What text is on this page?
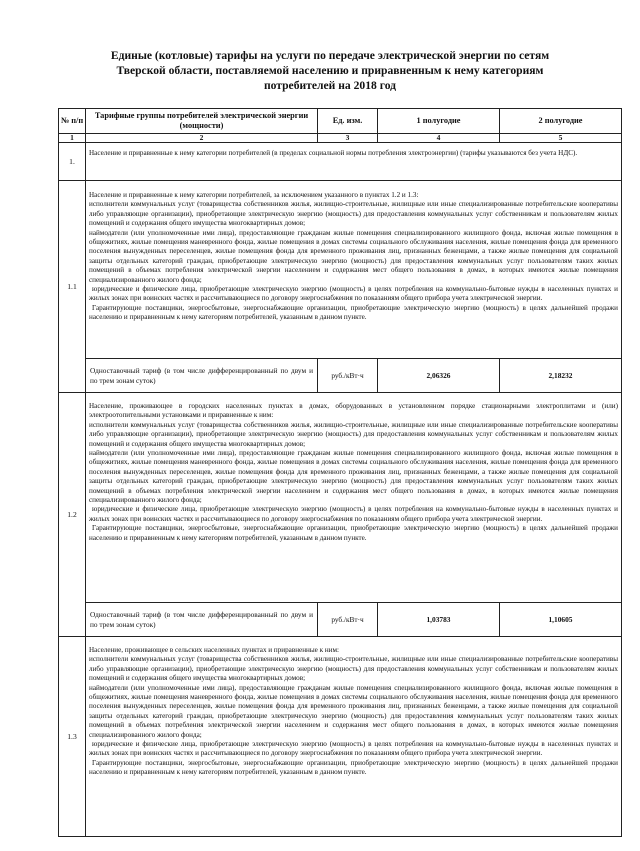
Единые (котловые) тарифы на услуги по передаче электрической энергии по сетям
Тверской области, поставляемой населению и приравненным к нему категориям
потребителей на 2018 год
№ п/п	Тарифные группы потребителей электрической энергии (мощности)	Ед. изм.	1 полугодие	2 полугодие
1	2	3	4	5
1.	Население и приравненные к нему категории потребителей (в пределах социальной нормы потребления электроэнергии) (тарифы указываются без учета НДС).			
1.1	Население и приравненные к нему категории потребителей, за исключением указанного в пунктах 1.2 и 1.3:

исполнители коммунальных услуг (товарищества собственников жилья, жилищно-строительные, жилищные или иные специализированные потребительские кооперативы либо управляющие организации), приобретающие электрическую энергию (мощность) для предоставления коммунальных услуг собственникам и пользователям жилых помещений и содержания общего имущества многоквартирных домов;

наймодатели (или уполномоченные ими лица), предоставляющие гражданам жилые помещения специализированного жилищного фонда, включая жилые помещения в общежитиях, жилые помещения маневренного фонда, жилые помещения в домах системы социального обслуживания населения, жилые помещения фонда для временного поселения вынужденных переселенцев, жилые помещения фонда для временного проживания лиц, признанных беженцами, а также жилые помещения для социальной защиты отдельных категорий граждан, приобретающие электрическую энергию (мощность) для предоставления коммунальных услуг пользователям таких жилых помещений в объемах потребления электрической энергии населением и содержания мест общего пользования в домах, в которых имеются жилые помещения специализированного жилого фонда;

юридические и физические лица, приобретающие электрическую энергию (мощность) в целях потребления на коммунально-бытовые нужды в населенных пунктах и жилых зонах при воинских частях и рассчитывающиеся по договору энергоснабжения по показаниям общего прибора учета электрической энергии.

Гарантирующие поставщики, энергосбытовые, энергоснабжающие организации, приобретающие электрическую энергию (мощность) в целях дальнейшей продажи населению и приравненным к нему категориям потребителей, указанным в данном пункте.			

	Одноставочный тариф (в том числе дифференцированный по двум и по трем зонам суток)	руб./кВт·ч	2,06326	2,18232
1.2	Население, проживающее в городских населенных пунктах в домах, оборудованных в установленном порядке стационарными электроплитами и (или) электроотопительными установками и приравненные к ним:

исполнители коммунальных услуг (товарищества собственников жилья, жилищно-строительные, жилищные или иные специализированные потребительские кооперативы либо управляющие организации), приобретающие электрическую энергию (мощность) для предоставления коммунальных услуг собственникам и пользователям жилых помещений и содержания общего имущества многоквартирных домов;

наймодатели (или уполномоченные ими лица), предоставляющие гражданам жилые помещения специализированного жилищного фонда, включая жилые помещения в общежитиях, жилые помещения маневренного фонда, жилые помещения в домах системы социального обслуживания населения, жилые помещения фонда для временного поселения вынужденных переселенцев, жилые помещения фонда для временного проживания лиц, признанных беженцами, а также жилые помещения для социальной защиты отдельных категорий граждан, приобретающие электрическую энергию (мощность) для предоставления коммунальных услуг пользователям таких жилых помещений в объемах потребления электрической энергии населением и содержания мест общего пользования в домах, в которых имеются жилые помещения специализированного жилого фонда;

юридические и физические лица, приобретающие электрическую энергию (мощность) в целях потребления на коммунально-бытовые нужды в населенных пунктах и жилых зонах при воинских частях и рассчитывающиеся по договору энергоснабжения по показаниям общего прибора учета электрической энергии.

Гарантирующие поставщики, энергосбытовые, энергоснабжающие организации, приобретающие электрическую энергию (мощность) в целях дальнейшей продажи населению и приравненным к нему категориям потребителей, указанным в данном пункте.			

	Одноставочный тариф (в том числе дифференцированный по двум и по трем зонам суток)	руб./кВт·ч	1,03783	1,10605
1.3	Население, проживающее в сельских населенных пунктах и приравненные к ним:

исполнители коммунальных услуг (товарищества собственников жилья, жилищно-строительные, жилищные или иные специализированные потребительские кооперативы либо управляющие организации), приобретающие электрическую энергию (мощность) для предоставления коммунальных услуг собственникам и пользователям жилых помещений и содержания общего имущества многоквартирных домов;

наймодатели (или уполномоченные ими лица), предоставляющие гражданам жилые помещения специализированного жилищного фонда, включая жилые помещения в общежитиях, жилые помещения маневренного фонда, жилые помещения в домах системы социального обслуживания населения, жилые помещения фонда для временного поселения вынужденных переселенцев, жилые помещения фонда для временного проживания лиц, признанных беженцами, а также жилые помещения для социальной защиты отдельных категорий граждан, приобретающие электрическую энергию (мощность) для предоставления коммунальных услуг пользователям таких жилых помещений в объемах потребления электрической энергии населением и содержания мест общего пользования в домах, в которых имеются жилые помещения специализированного жилого фонда;

юридические и физические лица, приобретающие электрическую энергию (мощность) в целях потребления на коммунально-бытовые нужды в населенных пунктах и жилых зонах при воинских частях и рассчитывающиеся по договору энергоснабжения по показаниям общего прибора учета электрической энергии.

Гарантирующие поставщики, энергосбытовые, энергоснабжающие организации, приобретающие электрическую энергию (мощность) в целях дальнейшей продажи населению и приравненным к нему категориям потребителей, указанным в данном пункте.			
